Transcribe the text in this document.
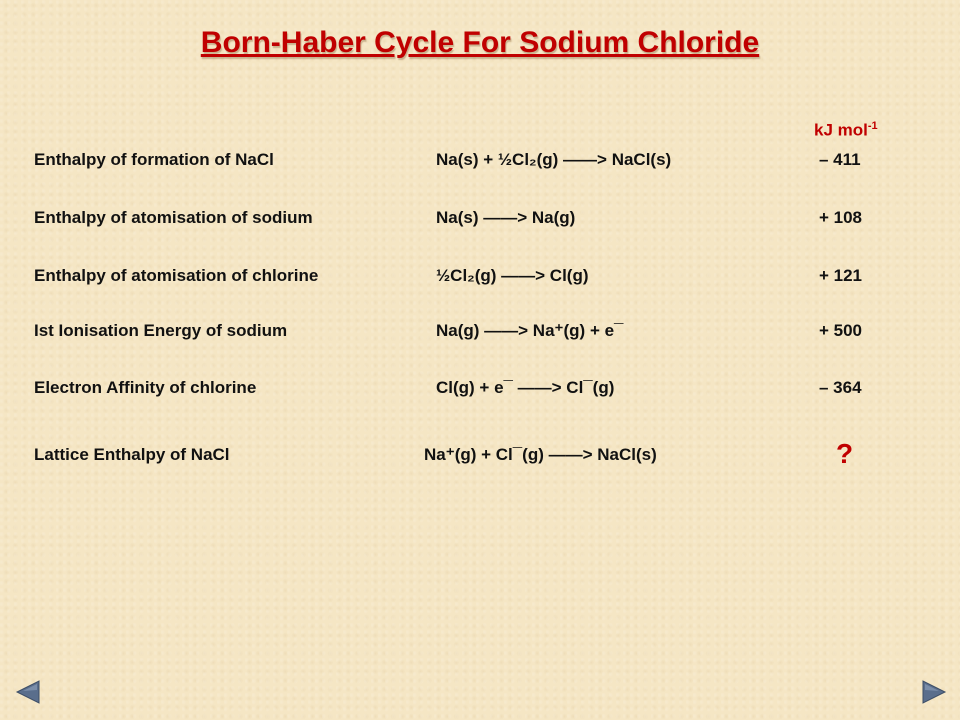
Born-Haber Cycle For Sodium Chloride
kJ mol$^{-1}$
Enthalpy of formation of NaCl	Na(s) + ½Cl₂(g) ——> NaCl(s)	– 411
Enthalpy of atomisation of sodium	Na(s) ——> Na(g)	+ 108
Enthalpy of atomisation of chlorine	½Cl₂(g) ——> Cl(g)	+ 121
Ist Ionisation Energy of sodium	Na(g) ——> Na⁺(g) + e¯	+ 500
Electron Affinity of chlorine	Cl(g) + e¯ ——> Cl¯(g)	– 364
Lattice Enthalpy of NaCl	Na⁺(g) + Cl¯(g) ——> NaCl(s)	?
